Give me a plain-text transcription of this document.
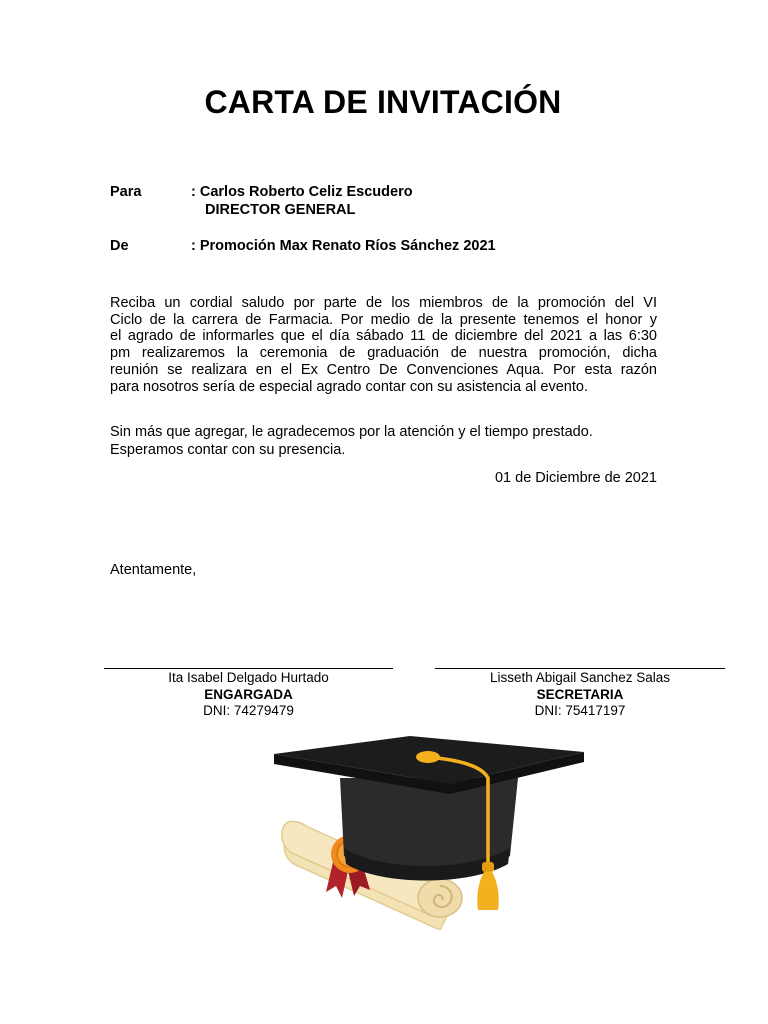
CARTA DE INVITACIÓN
Para	: Carlos Roberto Celiz Escudero
DIRECTOR GENERAL
De	: Promoción Max Renato Ríos Sánchez 2021
Reciba un cordial saludo por parte de los miembros de la promoción del VI
Ciclo de la carrera de Farmacia. Por medio de la presente tenemos el honor y
el agrado de informarles que el día sábado 11 de diciembre del 2021 a las 6:30
pm realizaremos la ceremonia de graduación de nuestra promoción, dicha
reunión se realizara en el Ex Centro De Convenciones Aqua. Por esta razón
para nosotros sería de especial agrado contar con su asistencia al evento.
Sin más que agregar, le agradecemos por la atención y el tiempo prestado.
Esperamos contar con su presencia.
01 de Diciembre de 2021
Atentamente,
Ita Isabel Delgado Hurtado
ENGARGADA
DNI: 74279479
Lisseth Abigail Sanchez Salas
SECRETARIA
DNI: 75417197
